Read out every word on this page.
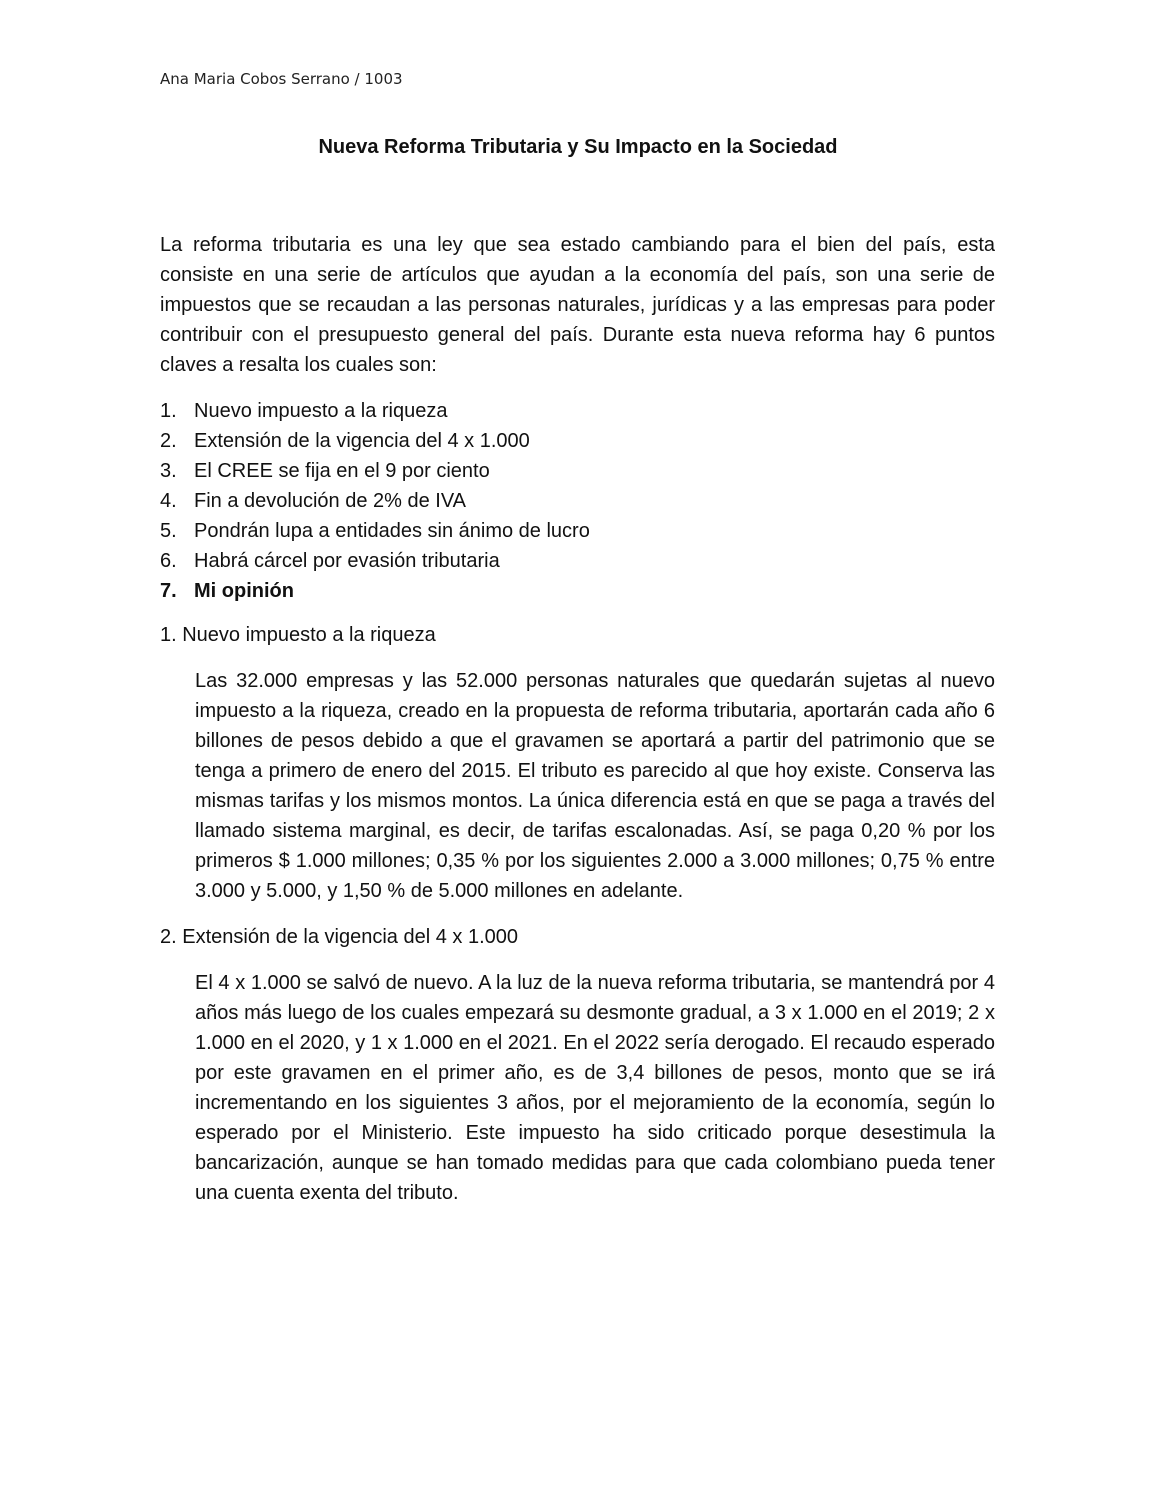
Ana Maria Cobos Serrano / 1003
Nueva Reforma Tributaria y Su Impacto en la Sociedad

La reforma tributaria es una ley que sea estado cambiando para el bien del país, esta consiste en una serie de artículos que ayudan a la economía del país, son una serie de impuestos que se recaudan a las personas naturales, jurídicas y a las empresas para poder contribuir con el presupuesto general del país. Durante esta nueva reforma hay 6 puntos claves a resalta los cuales son:

1. Nuevo impuesto a la riqueza
2. Extensión de la vigencia del 4 x 1.000
3. El CREE se fija en el 9 por ciento
4. Fin a devolución de 2% de IVA
5. Pondrán lupa a entidades sin ánimo de lucro
6. Habrá cárcel por evasión tributaria
7. Mi opinión

1. Nuevo impuesto a la riqueza

Las 32.000 empresas y las 52.000 personas naturales que quedarán sujetas al nuevo impuesto a la riqueza, creado en la propuesta de reforma tributaria, aportarán cada año 6 billones de pesos debido a que el gravamen se aportará a partir del patrimonio que se tenga a primero de enero del 2015. El tributo es parecido al que hoy existe. Conserva las mismas tarifas y los mismos montos. La única diferencia está en que se paga a través del llamado sistema marginal, es decir, de tarifas escalonadas. Así, se paga 0,20 % por los primeros $ 1.000 millones; 0,35 % por los siguientes 2.000 a 3.000 millones; 0,75 % entre 3.000 y 5.000, y 1,50 % de 5.000 millones en adelante.

2. Extensión de la vigencia del 4 x 1.000

El 4 x 1.000 se salvó de nuevo. A la luz de la nueva reforma tributaria, se mantendrá por 4 años más luego de los cuales empezará su desmonte gradual, a 3 x 1.000 en el 2019; 2 x 1.000 en el 2020, y 1 x 1.000 en el 2021. En el 2022 sería derogado. El recaudo esperado por este gravamen en el primer año, es de 3,4 billones de pesos, monto que se irá incrementando en los siguientes 3 años, por el mejoramiento de la economía, según lo esperado por el Ministerio. Este impuesto ha sido criticado porque desestimula la bancarización, aunque se han tomado medidas para que cada colombiano pueda tener una cuenta exenta del tributo.
